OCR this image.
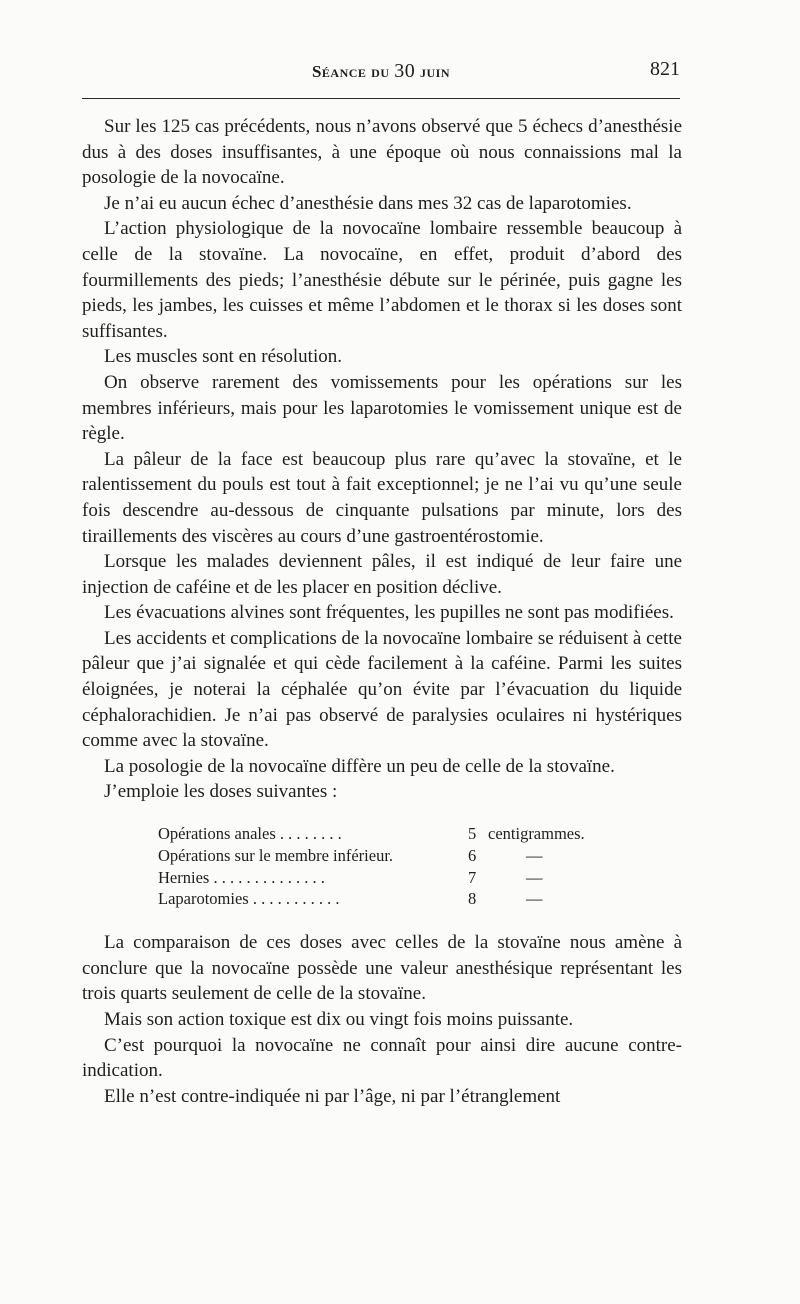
Séance du 30 juin	821

Sur les 125 cas précédents, nous n’avons observé que 5 échecs d’anesthésie dus à des doses insuffisantes, à une époque où nous connaissions mal la posologie de la novocaïne.

Je n’ai eu aucun échec d’anesthésie dans mes 32 cas de laparotomies.

L’action physiologique de la novocaïne lombaire ressemble beaucoup à celle de la stovaïne. La novocaïne, en effet, produit d’abord des fourmillements des pieds; l’anesthésie débute sur le périnée, puis gagne les pieds, les jambes, les cuisses et même l’abdomen et le thorax si les doses sont suffisantes.

Les muscles sont en résolution.

On observe rarement des vomissements pour les opérations sur les membres inférieurs, mais pour les laparotomies le vomissement unique est de règle.

La pâleur de la face est beaucoup plus rare qu’avec la stovaïne, et le ralentissement du pouls est tout à fait exceptionnel; je ne l’ai vu qu’une seule fois descendre au-dessous de cinquante pulsations par minute, lors des tiraillements des viscères au cours d’une gastroentérostomie.

Lorsque les malades deviennent pâles, il est indiqué de leur faire une injection de caféine et de les placer en position déclive.

Les évacuations alvines sont fréquentes, les pupilles ne sont pas modifiées.

Les accidents et complications de la novocaïne lombaire se réduisent à cette pâleur que j’ai signalée et qui cède facilement à la caféine. Parmi les suites éloignées, je noterai la céphalée qu’on évite par l’évacuation du liquide céphalorachidien. Je n’ai pas observé de paralysies oculaires ni hystériques comme avec la stovaïne.

La posologie de la novocaïne diffère un peu de celle de la stovaïne.

J’emploie les doses suivantes :

Opérations anales . . . . . . . .	5	centigrammes.
Opérations sur le membre inférieur.	6	—
Hernies . . . . . . . . . . . . . .	7	—
Laparotomies . . . . . . . . . . .	8	—

La comparaison de ces doses avec celles de la stovaïne nous amène à conclure que la novocaïne possède une valeur anesthésique représentant les trois quarts seulement de celle de la stovaïne.

Mais son action toxique est dix ou vingt fois moins puissante.

C’est pourquoi la novocaïne ne connaît pour ainsi dire aucune contre-indication.

Elle n’est contre-indiquée ni par l’âge, ni par l’étranglement
